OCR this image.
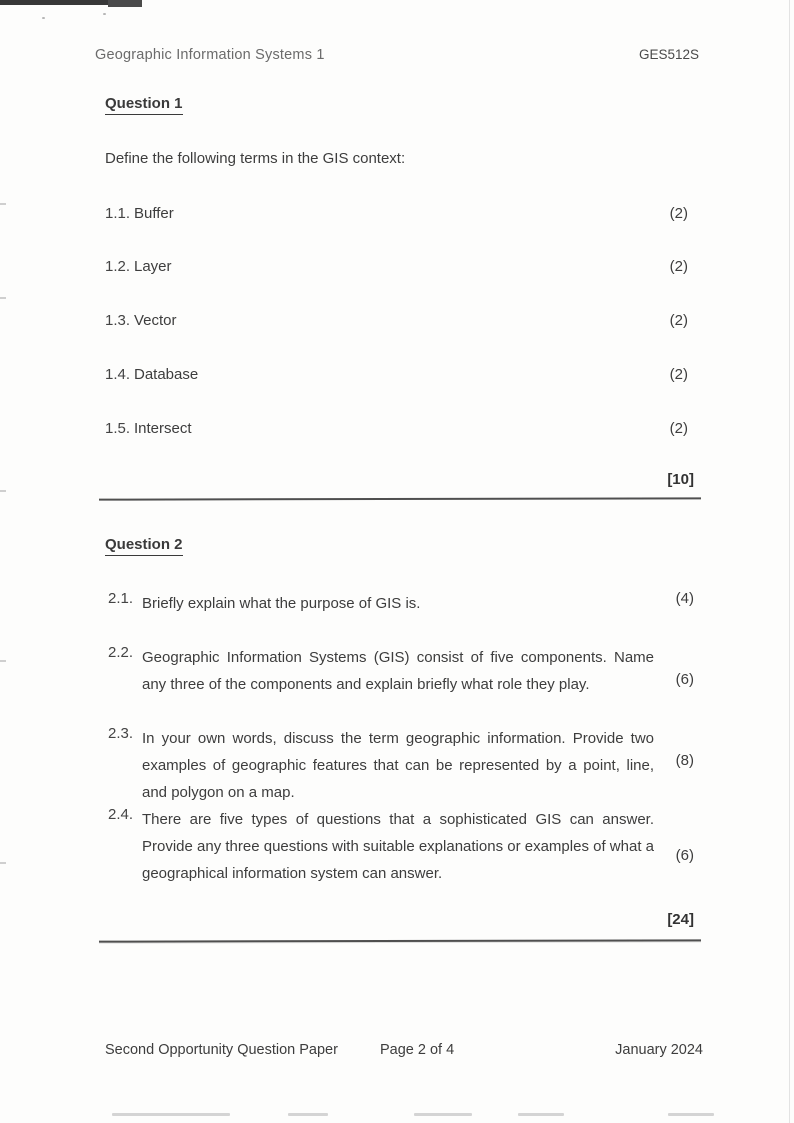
Geographic Information Systems 1	GES512S
Question 1
Define the following terms in the GIS context:
1.1. Buffer	(2)
1.2. Layer	(2)
1.3. Vector	(2)
1.4. Database	(2)
1.5. Intersect	(2)
[10]
Question 2
2.1. Briefly explain what the purpose of GIS is.	(4)
2.2. Geographic Information Systems (GIS) consist of five components. Name any three of the components and explain briefly what role they play.	(6)
2.3. In your own words, discuss the term geographic information. Provide two examples of geographic features that can be represented by a point, line, and polygon on a map.
(8)
2.4. There are five types of questions that a sophisticated GIS can answer. Provide any three questions with suitable explanations or examples of what a geographical information system can answer.
(6)
[24]
Second Opportunity Question Paper	Page 2 of 4	January 2024
